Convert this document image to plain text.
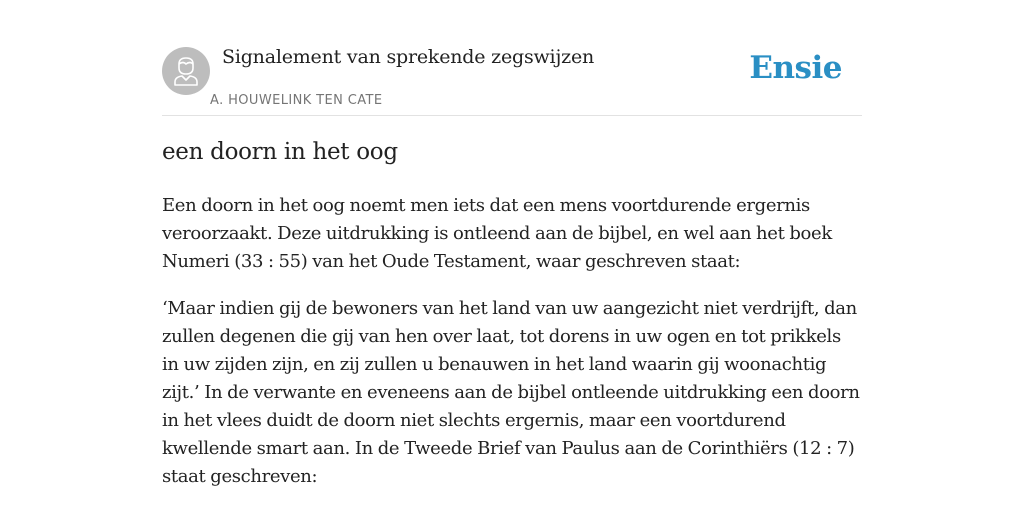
Signalement van sprekende zegswijzen
A. HOUWELINK TEN CATE
Ensie
een doorn in het oog

Een doorn in het oog noemt men iets dat een mens voortdurende ergernis veroorzaakt. Deze uitdrukking is ontleend aan de bijbel, en wel aan het boek Numeri (33 : 55) van het Oude Testament, waar geschreven staat:

‘Maar indien gij de bewoners van het land van uw aangezicht niet verdrijft, dan zullen degenen die gij van hen over laat, tot dorens in uw ogen en tot prikkels in uw zijden zijn, en zij zullen u benauwen in het land waarin gij woonachtig zijt.’ In de verwante en eveneens aan de bijbel ontleende uitdrukking een doorn in het vlees duidt de doorn niet slechts ergernis, maar een voortdurend kwellende smart aan. In de Tweede Brief van Paulus aan de Corinthiërs (12 : 7) staat geschreven:
